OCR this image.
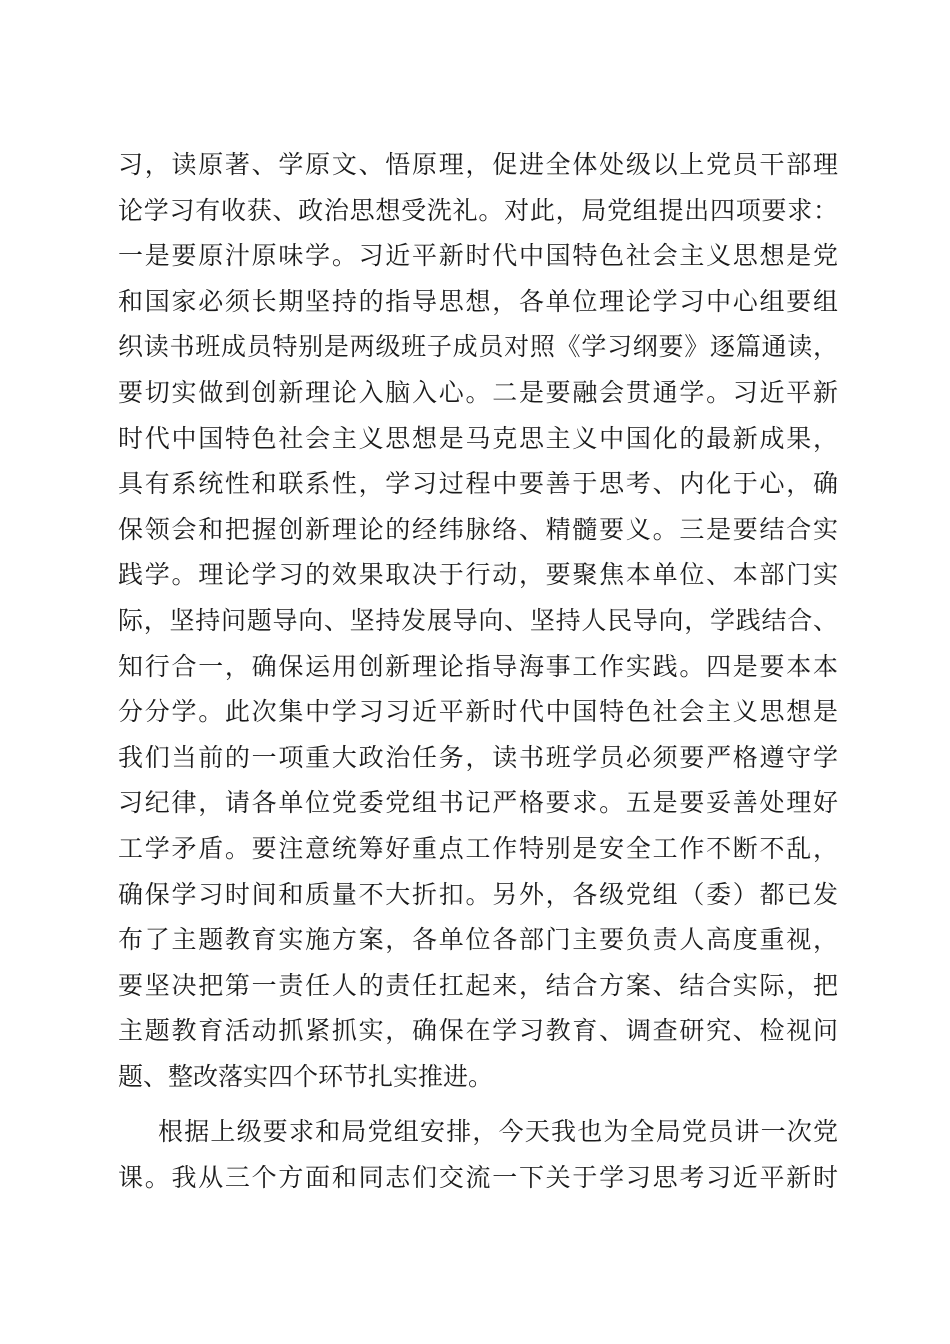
习，读原著、学原文、悟原理，促进全体处级以上党员干部理
论学习有收获、政治思想受洗礼。对此，局党组提出四项要求：
一是要原汁原味学。习近平新时代中国特色社会主义思想是党
和国家必须长期坚持的指导思想，各单位理论学习中心组要组
织读书班成员特别是两级班子成员对照《学习纲要》逐篇通读，
要切实做到创新理论入脑入心。二是要融会贯通学。习近平新
时代中国特色社会主义思想是马克思主义中国化的最新成果，
具有系统性和联系性，学习过程中要善于思考、内化于心，确
保领会和把握创新理论的经纬脉络、精髓要义。三是要结合实
践学。理论学习的效果取决于行动，要聚焦本单位、本部门实
际，坚持问题导向、坚持发展导向、坚持人民导向，学践结合、
知行合一，确保运用创新理论指导海事工作实践。四是要本本
分分学。此次集中学习习近平新时代中国特色社会主义思想是
我们当前的一项重大政治任务，读书班学员必须要严格遵守学
习纪律，请各单位党委党组书记严格要求。五是要妥善处理好
工学矛盾。要注意统筹好重点工作特别是安全工作不断不乱，
确保学习时间和质量不大折扣。另外，各级党组（委）都已发
布了主题教育实施方案，各单位各部门主要负责人高度重视，
要坚决把第一责任人的责任扛起来，结合方案、结合实际，把
主题教育活动抓紧抓实，确保在学习教育、调查研究、检视问
题、整改落实四个环节扎实推进。
根据上级要求和局党组安排，今天我也为全局党员讲一次党
课。我从三个方面和同志们交流一下关于学习思考习近平新时
